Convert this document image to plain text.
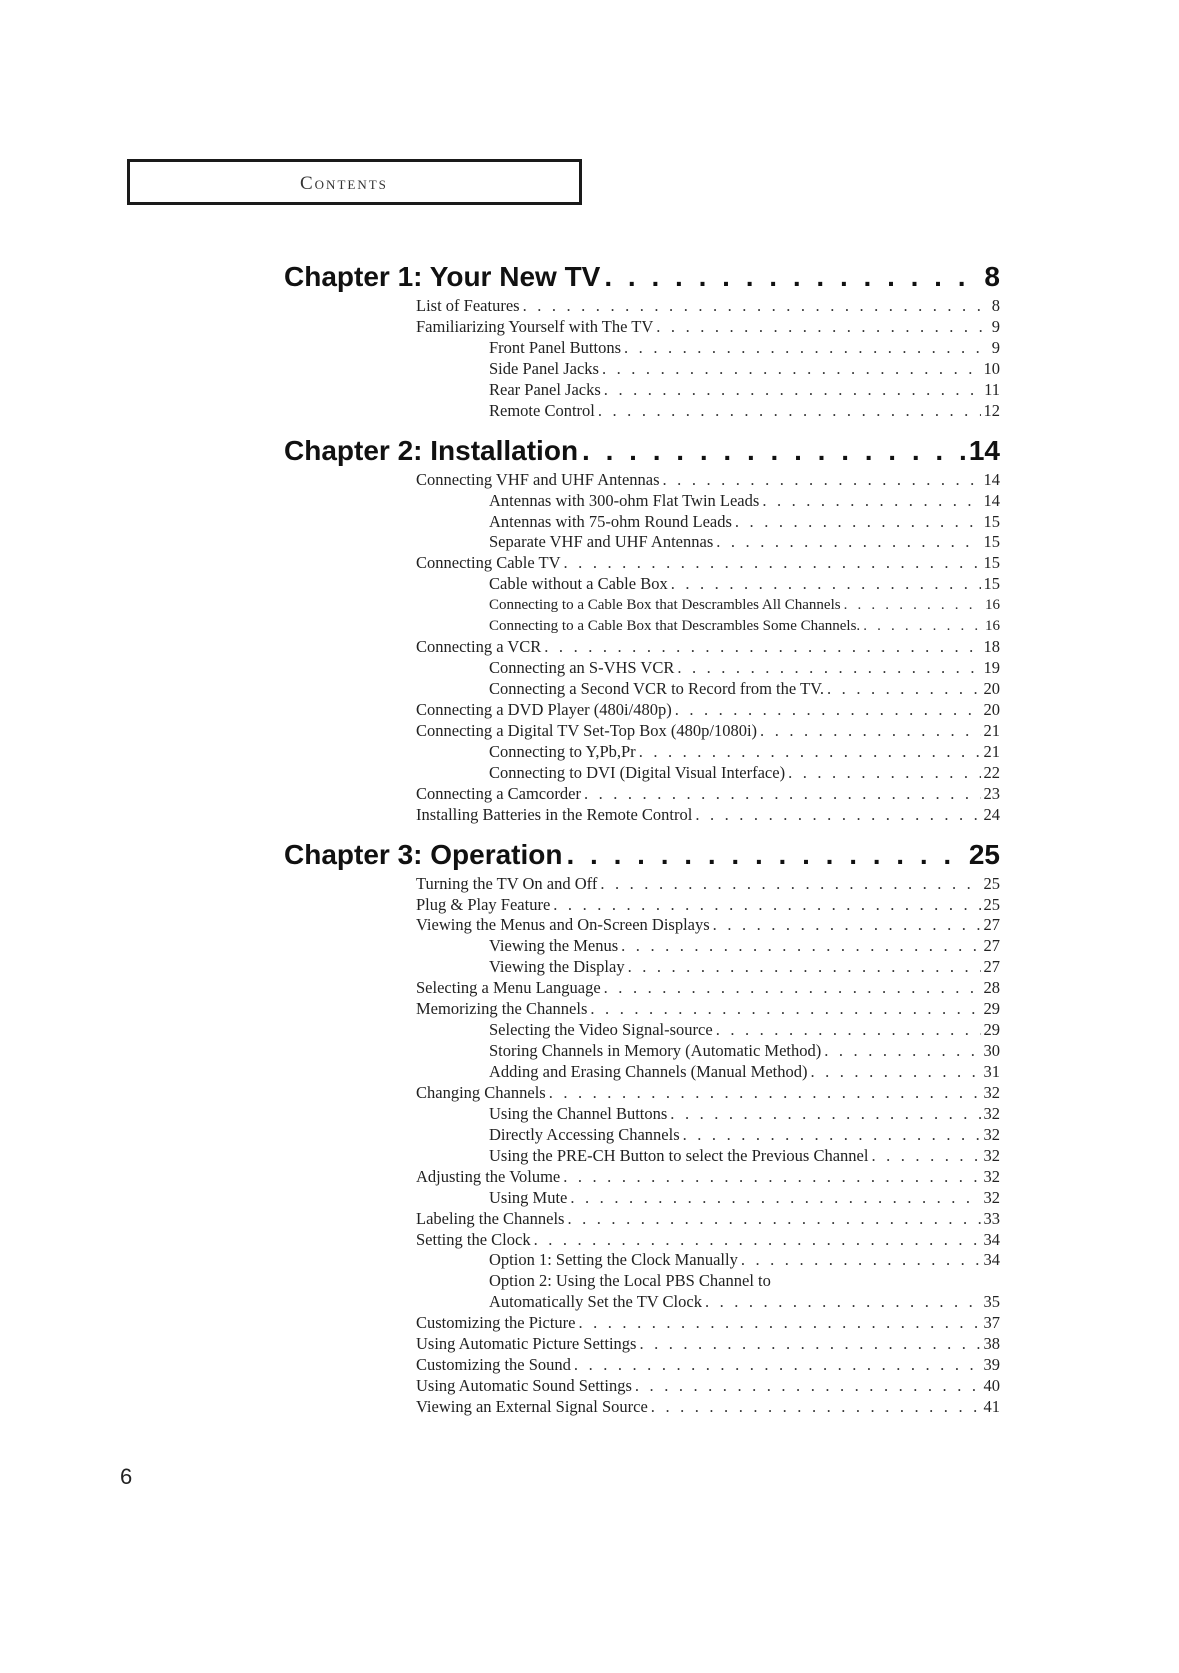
Contents
Chapter 1: Your New TV . . .	8
List of Features . . .	8
Familiarizing Yourself with The TV . . .	9
Front Panel Buttons . . .	9
Side Panel Jacks . . .	10
Rear Panel Jacks . . .	11
Remote Control . . .	12
Chapter 2: Installation . . .	14
Connecting VHF and UHF Antennas . . .	14
Antennas with 300-ohm Flat Twin Leads . . .	14
Antennas with 75-ohm Round Leads . . .	15
Separate VHF and UHF Antennas . . .	15
Connecting Cable TV . . .	15
Cable without a Cable Box . . .	15
Connecting to a Cable Box that Descrambles All Channels . . .	16
Connecting to a Cable Box that Descrambles Some Channels. . . .	16
Connecting a VCR . . .	18
Connecting an S-VHS VCR . . .	19
Connecting a Second VCR to Record from the TV. . . .	20
Connecting a DVD Player (480i/480p) . . .	20
Connecting a Digital TV Set-Top Box (480p/1080i) . . .	21
Connecting to Y,Pb,Pr . . .	21
Connecting to DVI (Digital Visual Interface) . . .	22
Connecting a Camcorder . . .	23
Installing Batteries in the Remote Control . . .	24
Chapter 3: Operation . . .	25
Turning the TV On and Off . . .	25
Plug & Play Feature . . .	25
Viewing the Menus and On-Screen Displays . . .	27
Viewing the Menus . . .	27
Viewing the Display . . .	27
Selecting a Menu Language . . .	28
Memorizing the Channels . . .	29
Selecting the Video Signal-source . . .	29
Storing Channels in Memory (Automatic Method) . . .	30
Adding and Erasing Channels (Manual Method) . . .	31
Changing Channels . . .	32
Using the Channel Buttons . . .	32
Directly Accessing Channels . . .	32
Using the PRE-CH Button to select the Previous Channel . . .	32
Adjusting the Volume . . .	32
Using Mute . . .	32
Labeling the Channels . . .	33
Setting the Clock . . .	34
Option 1: Setting the Clock Manually . . .	34
Option 2: Using the Local PBS Channel to
Automatically Set the TV Clock . . .	35
Customizing the Picture . . .	37
Using Automatic Picture Settings . . .	38
Customizing the Sound . . .	39
Using Automatic Sound Settings . . .	40
Viewing an External Signal Source . . .	41
6
